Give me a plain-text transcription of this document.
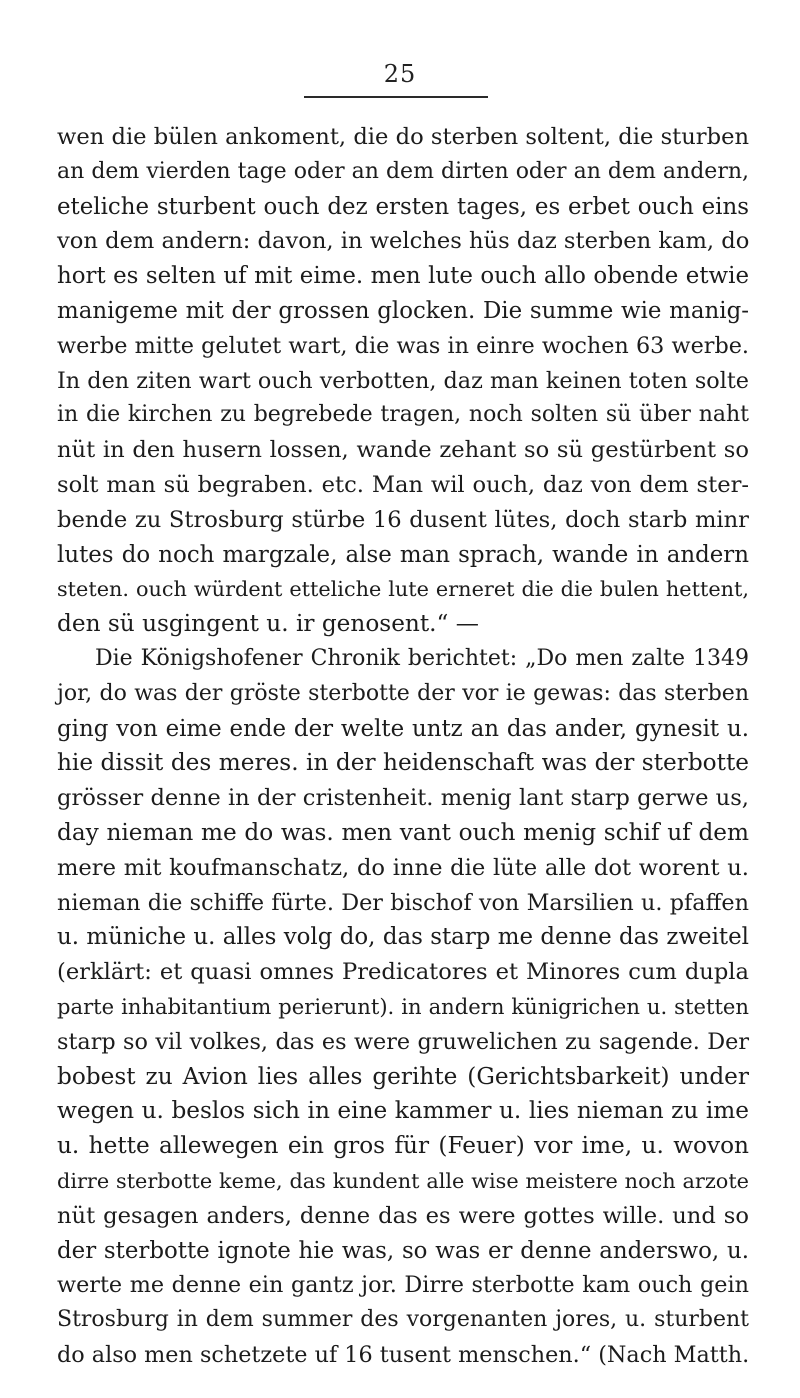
25
wen die bülen ankoment, die do sterben soltent, die sturben
an dem vierden tage oder an dem dirten oder an dem andern,
eteliche sturbent ouch dez ersten tages, es erbet ouch eins
von dem andern: davon, in welches hüs daz sterben kam, do
hort es selten uf mit eime. men lute ouch allo obende etwie
manigeme mit der grossen glocken. Die summe wie manig-
werbe mitte gelutet wart, die was in einre wochen 63 werbe.
In den ziten wart ouch verbotten, daz man keinen toten solte
in die kirchen zu begrebede tragen, noch solten sü über naht
nüt in den husern lossen, wande zehant so sü gestürbent so
solt man sü begraben. etc. Man wil ouch, daz von dem ster-
bende zu Strosburg stürbe 16 dusent lütes, doch starb minr
lutes do noch margzale, alse man sprach, wande in andern
steten. ouch würdent etteliche lute erneret die die bulen hettent,
den sü usgingent u. ir genosent.“ —
Die Königshofener Chronik berichtet: „Do men zalte 1349
jor, do was der gröste sterbotte der vor ie gewas: das sterben
ging von eime ende der welte untz an das ander, gynesit u.
hie dissit des meres. in der heidenschaft was der sterbotte
grösser denne in der cristenheit. menig lant starp gerwe us,
day nieman me do was. men vant ouch menig schif uf dem
mere mit koufmanschatz, do inne die lüte alle dot worent u.
nieman die schiffe fürte. Der bischof von Marsilien u. pfaffen
u. müniche u. alles volg do, das starp me denne das zweitel
(erklärt: et quasi omnes Predicatores et Minores cum dupla
parte inhabitantium perierunt). in andern künigrichen u. stetten
starp so vil volkes, das es were gruwelichen zu sagende. Der
bobest zu Avion lies alles gerihte (Gerichtsbarkeit) under
wegen u. beslos sich in eine kammer u. lies nieman zu ime
u. hette allewegen ein gros für (Feuer) vor ime, u. wovon
dirre sterbotte keme, das kundent alle wise meistere noch arzote
nüt gesagen anders, denne das es were gottes wille. und so
der sterbotte ignote hie was, so was er denne anderswo, u.
werte me denne ein gantz jor. Dirre sterbotte kam ouch gein
Strosburg in dem summer des vorgenanten jores, u. sturbent
do also men schetzete uf 16 tusent menschen.“ (Nach Matth.
